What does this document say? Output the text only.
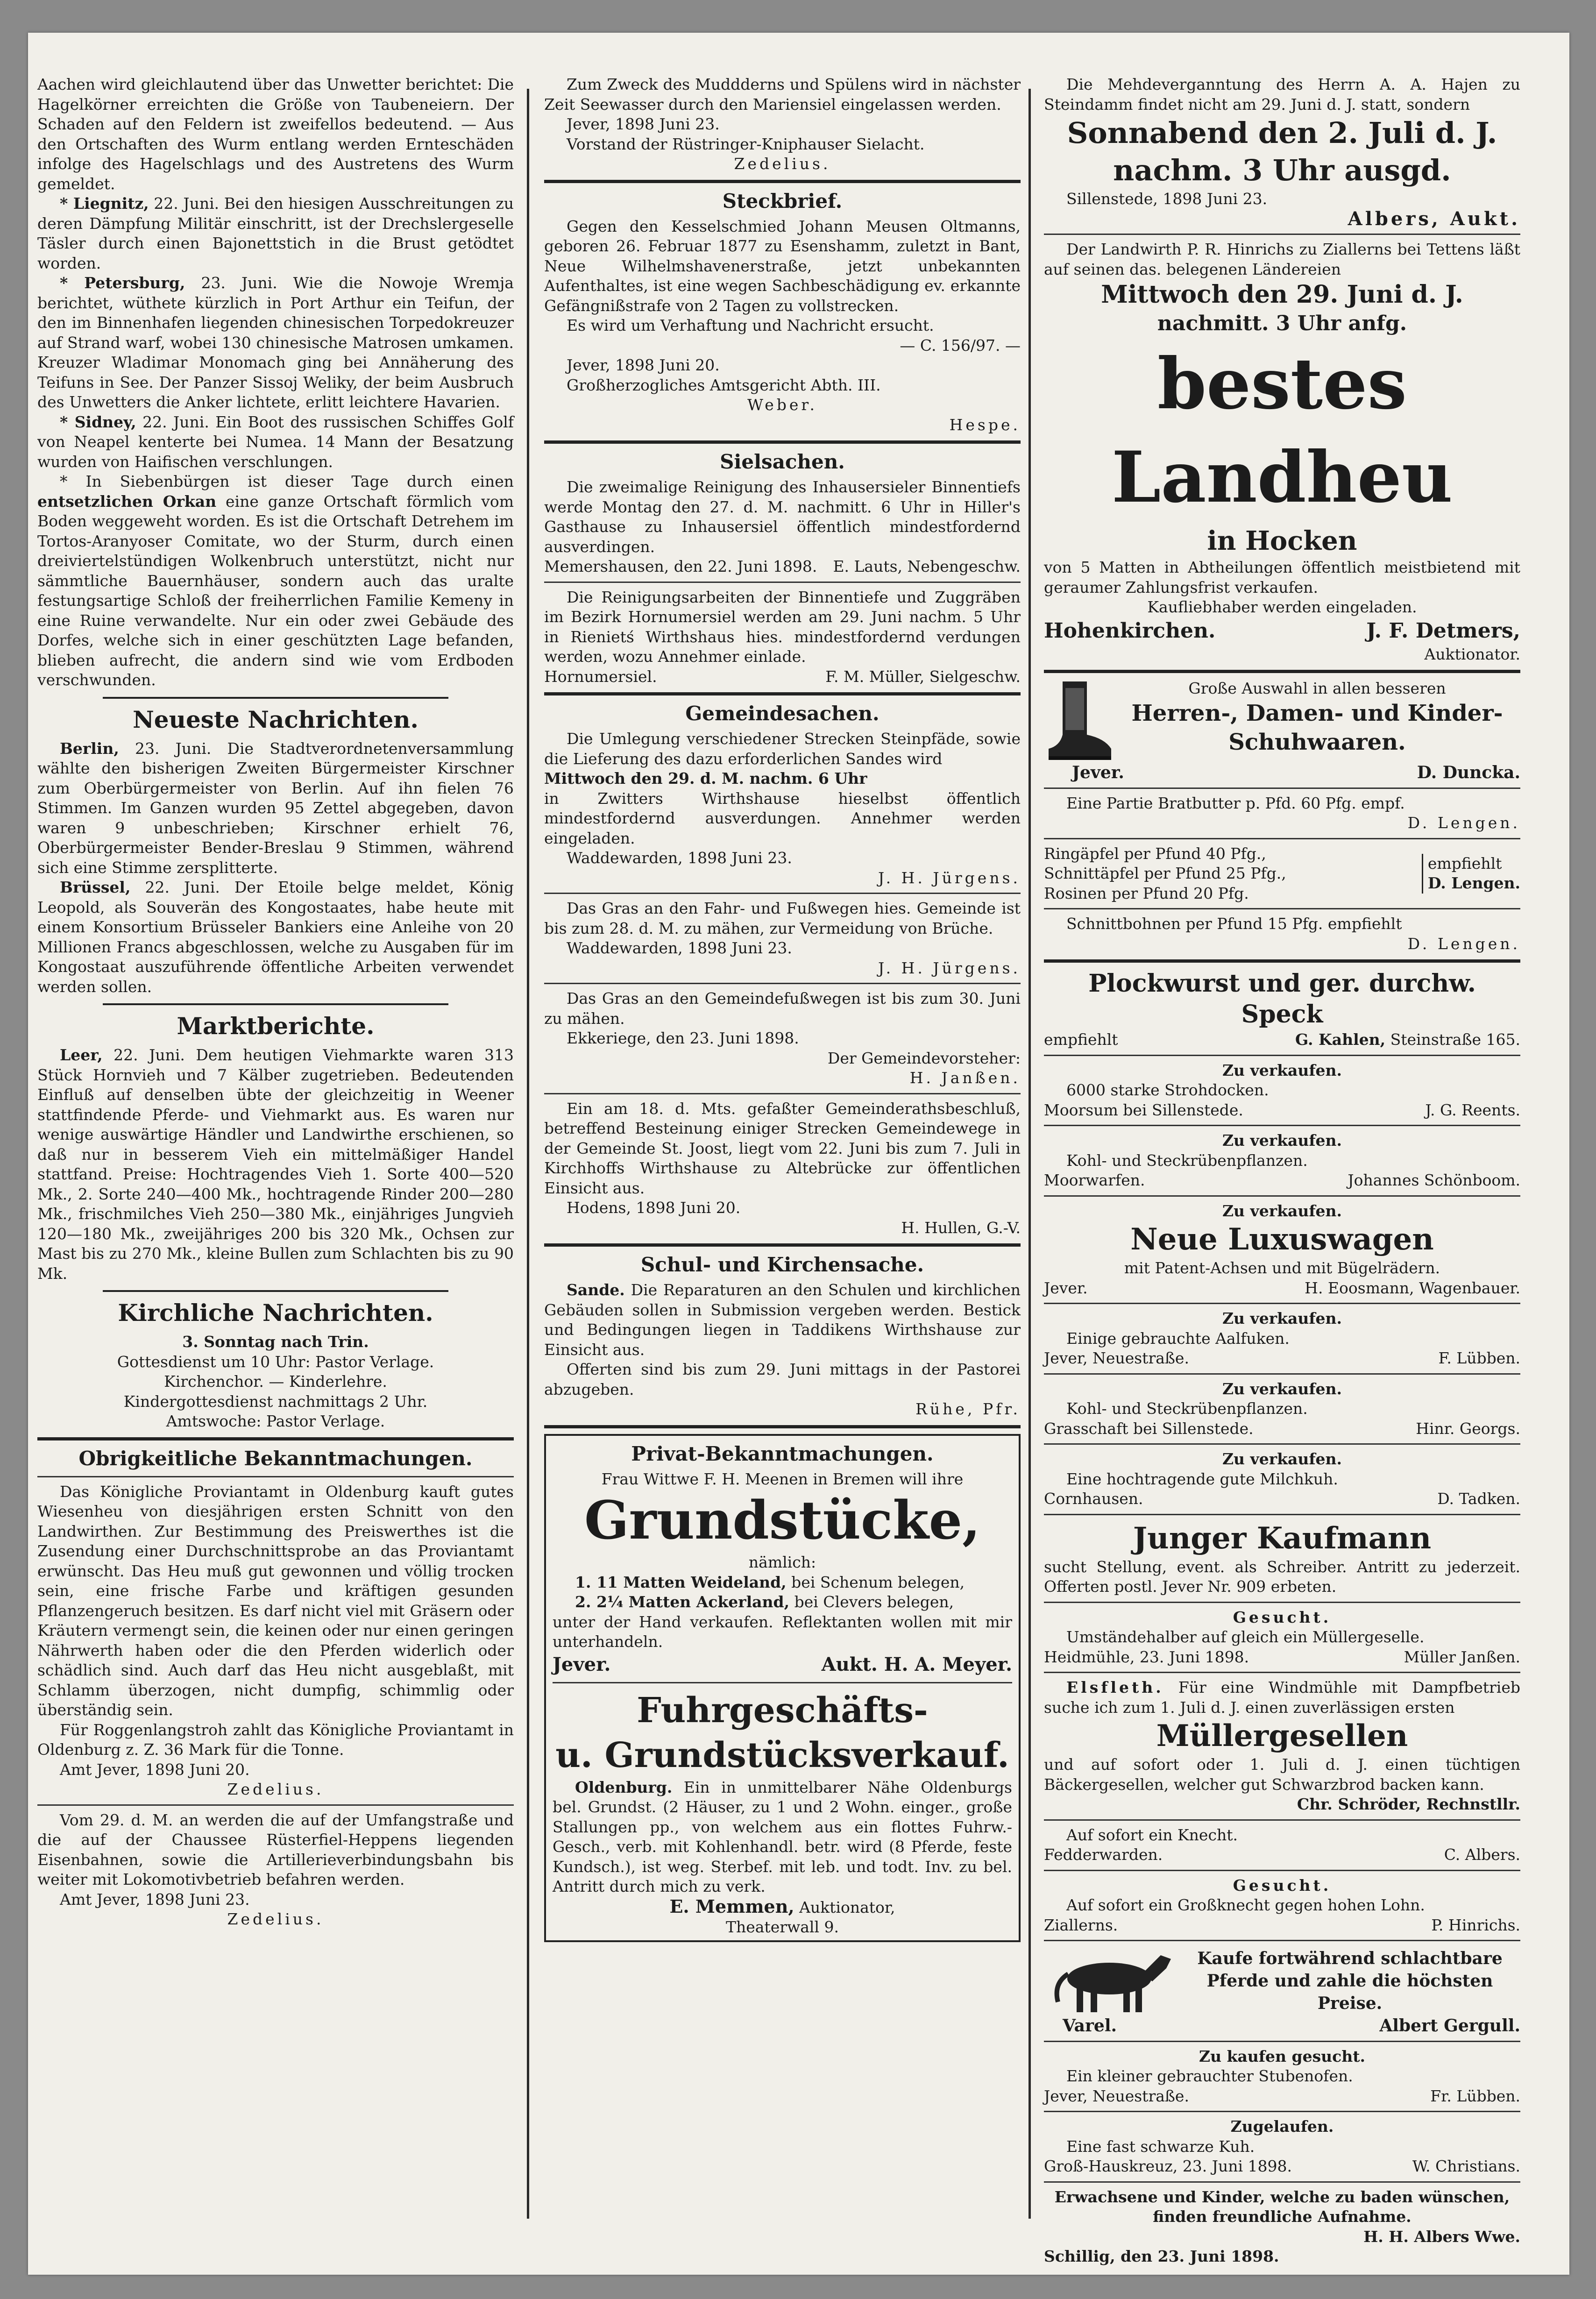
Aachen wird gleichlautend über das Unwetter berichtet: Die Hagelkörner erreichten die Größe von Taubeneiern. Der Schaden auf den Feldern ist zweifellos bedeutend. — Aus den Ortschaften des Wurm entlang werden Ernteschäden infolge des Hagelschlags und des Austretens des Wurm gemeldet.

* Liegnitz, 22. Juni. Bei den hiesigen Ausschreitungen zu deren Dämpfung Militär einschritt, ist der Drechslergeselle Täsler durch einen Bajonettstich in die Brust getödtet worden.

* Petersburg, 23. Juni. Wie die Nowoje Wremja berichtet, wüthete kürzlich in Port Arthur ein Teifun, der den im Binnenhafen liegenden chinesischen Torpedokreuzer auf Strand warf, wobei 130 chinesische Matrosen umkamen. Kreuzer Wladimar Monomach ging bei Annäherung des Teifuns in See. Der Panzer Sissoj Weliky, der beim Ausbruch des Unwetters die Anker lichtete, erlitt leichtere Havarien.

* Sidney, 22. Juni. Ein Boot des russischen Schiffes Golf von Neapel kenterte bei Numea. 14 Mann der Besatzung wurden von Haifischen verschlungen.

* In Siebenbürgen ist dieser Tage durch einen entsetzlichen Orkan eine ganze Ortschaft förmlich vom Boden weggeweht worden. Es ist die Ortschaft Detrehem im Tortos-Aranyoser Comitate, wo der Sturm, durch einen dreiviertelstündigen Wolkenbruch unterstützt, nicht nur sämmtliche Bauernhäuser, sondern auch das uralte festungsartige Schloß der freiherrlichen Familie Kemeny in eine Ruine verwandelte. Nur ein oder zwei Gebäude des Dorfes, welche sich in einer geschützten Lage befanden, blieben aufrecht, die andern sind wie vom Erdboden verschwunden.

Neueste Nachrichten.

Berlin, 23. Juni. Die Stadtverordnetenversammlung wählte den bisherigen Zweiten Bürgermeister Kirschner zum Oberbürgermeister von Berlin. Auf ihn fielen 76 Stimmen. Im Ganzen wurden 95 Zettel abgegeben, davon waren 9 unbeschrieben; Kirschner erhielt 76, Oberbürgermeister Bender-Breslau 9 Stimmen, während sich eine Stimme zersplitterte.

Brüssel, 22. Juni. Der Etoile belge meldet, König Leopold, als Souverän des Kongostaates, habe heute mit einem Konsortium Brüsseler Bankiers eine Anleihe von 20 Millionen Francs abgeschlossen, welche zu Ausgaben für im Kongostaat auszuführende öffentliche Arbeiten verwendet werden sollen.

Marktberichte.

Leer, 22. Juni. Dem heutigen Viehmarkte waren 313 Stück Hornvieh und 7 Kälber zugetrieben. Bedeutenden Einfluß auf denselben übte der gleichzeitig in Weener stattfindende Pferde- und Viehmarkt aus. Es waren nur wenige auswärtige Händler und Landwirthe erschienen, so daß nur in besserem Vieh ein mittelmäßiger Handel stattfand. Preise: Hochtragendes Vieh 1. Sorte 400—520 Mk., 2. Sorte 240—400 Mk., hochtragende Rinder 200—280 Mk., frischmilches Vieh 250—380 Mk., einjähriges Jungvieh 120—180 Mk., zweijähriges 200 bis 320 Mk., Ochsen zur Mast bis zu 270 Mk., kleine Bullen zum Schlachten bis zu 90 Mk.

Kirchliche Nachrichten.

3. Sonntag nach Trin.

Gottesdienst um 10 Uhr: Pastor Verlage.

Kirchenchor. — Kinderlehre.

Kindergottesdienst nachmittags 2 Uhr.

Amtswoche: Pastor Verlage.

Obrigkeitliche Bekanntmachungen.

Das Königliche Proviantamt in Oldenburg kauft gutes Wiesenheu von diesjährigen ersten Schnitt von den Landwirthen. Zur Bestimmung des Preiswerthes ist die Zusendung einer Durchschnittsprobe an das Proviantamt erwünscht. Das Heu muß gut gewonnen und völlig trocken sein, eine frische Farbe und kräftigen gesunden Pflanzengeruch besitzen. Es darf nicht viel mit Gräsern oder Kräutern vermengt sein, die keinen oder nur einen geringen Nährwerth haben oder die den Pferden widerlich oder schädlich sind. Auch darf das Heu nicht ausgeblaßt, mit Schlamm überzogen, nicht dumpfig, schimmlig oder überständig sein.

Für Roggenlangstroh zahlt das Königliche Proviantamt in Oldenburg z. Z. 36 Mark für die Tonne.

Amt Jever, 1898 Juni 20.

Zedelius.

Vom 29. d. M. an werden die auf der Umfangstraße und die auf der Chaussee Rüsterfiel-Heppens liegenden Eisenbahnen, sowie die Artillerieverbindungsbahn bis weiter mit Lokomotivbetrieb befahren werden.

Amt Jever, 1898 Juni 23.

Zedelius.

Zum Zweck des Muddderns und Spülens wird in nächster Zeit Seewasser durch den Mariensiel eingelassen werden.

Jever, 1898 Juni 23.

Vorstand der Rüstringer-Kniphauser Sielacht.

Zedelius.

Steckbrief.

Gegen den Kesselschmied Johann Meusen Oltmanns, geboren 26. Februar 1877 zu Esenshamm, zuletzt in Bant, Neue Wilhelmshavenerstraße, jetzt unbekannten Aufenthaltes, ist eine wegen Sachbeschädigung ev. erkannte Gefängnißstrafe von 2 Tagen zu vollstrecken.

Es wird um Verhaftung und Nachricht ersucht.

— C. 156/97. —

Jever, 1898 Juni 20.

Großherzogliches Amtsgericht Abth. III.

Weber.

Hespe.

Sielsachen.

Die zweimalige Reinigung des Inhausersieler Binnentiefs werde Montag den 27. d. M. nachmitt. 6 Uhr in Hiller's Gasthause zu Inhausersiel öffentlich mindestfordernd ausverdingen.

Memershausen, den 22. Juni 1898. E. Lauts, Nebengeschw.

Die Reinigungsarbeiten der Binnentiefe und Zuggräben im Bezirk Hornumersiel werden am 29. Juni nachm. 5 Uhr in Rienietś Wirthshaus hies. mindestfordernd verdungen werden, wozu Annehmer einlade.

Hornumersiel.	F. M. Müller, Sielgeschw.
Gemeindesachen.

Die Umlegung verschiedener Strecken Steinpfäde, sowie die Lieferung des dazu erforderlichen Sandes wird

Mittwoch den 29. d. M. nachm. 6 Uhr

in Zwitters Wirthshause hieselbst öffentlich mindestfordernd ausverdungen. Annehmer werden eingeladen.

Waddewarden, 1898 Juni 23.

J. H. Jürgens.

Das Gras an den Fahr- und Fußwegen hies. Gemeinde ist bis zum 28. d. M. zu mähen, zur Vermeidung von Brüche.

Waddewarden, 1898 Juni 23.

J. H. Jürgens.

Das Gras an den Gemeindefußwegen ist bis zum 30. Juni zu mähen.

Ekkeriege, den 23. Juni 1898.

Der Gemeindevorsteher:

H. Janßen.

Ein am 18. d. Mts. gefaßter Gemeinderathsbeschluß, betreffend Besteinung einiger Strecken Gemeindewege in der Gemeinde St. Joost, liegt vom 22. Juni bis zum 7. Juli in Kirchhoffs Wirthshause zu Altebrücke zur öffentlichen Einsicht aus.

Hodens, 1898 Juni 20.

H. Hullen, G.-V.

Schul- und Kirchensache.

Sande. Die Reparaturen an den Schulen und kirchlichen Gebäuden sollen in Submission vergeben werden. Bestick und Bedingungen liegen in Taddikens Wirthshause zur Einsicht aus.

Offerten sind bis zum 29. Juni mittags in der Pastorei abzugeben.

Rühe, Pfr.

Privat-Bekanntmachungen.

Frau Wittwe F. H. Meenen in Bremen will ihre

Grundstücke,

nämlich:

1. 11 Matten Weideland, bei Schenum belegen,

2. 2¼ Matten Ackerland, bei Clevers belegen,

unter der Hand verkaufen. Reflektanten wollen mit mir unterhandeln.

Jever.	Aukt. H. A. Meyer.
Fuhrgeschäfts-
u. Grundstücksverkauf.

Oldenburg. Ein in unmittelbarer Nähe Oldenburgs bel. Grundst. (2 Häuser, zu 1 und 2 Wohn. einger., große Stallungen pp., von welchem aus ein flottes Fuhrw.-Gesch., verb. mit Kohlenhandl. betr. wird (8 Pferde, feste Kundsch.), ist weg. Sterbef. mit leb. und todt. Inv. zu bel. Antritt durch mich zu verk.

E. Memmen, Auktionator,

Theaterwall 9.

Die Mehdeverganntung des Herrn A. A. Hajen zu Steindamm findet nicht am 29. Juni d. J. statt, sondern

Sonnabend den 2. Juli d. J.
nachm. 3 Uhr ausgd.

Sillenstede, 1898 Juni 23.

Albers, Aukt.

Der Landwirth P. R. Hinrichs zu Ziallerns bei Tettens läßt auf seinen das. belegenen Ländereien

Mittwoch den 29. Juni d. J.
nachmitt. 3 Uhr anfg.
bestes Landheu
in Hocken

von 5 Matten in Abtheilungen öffentlich meistbietend mit geraumer Zahlungsfrist verkaufen.

Kaufliebhaber werden eingeladen.

Hohenkirchen.	J. F. Detmers,

Auktionator.

Große Auswahl in allen besseren

Herren-, Damen- und Kinder-
Schuhwaaren.
Jever.	D. Duncka.

Eine Partie Bratbutter p. Pfd. 60 Pfg. empf.

D. Lengen.

Ringäpfel per Pfund 40 Pfg.,

Schnittäpfel per Pfund 25 Pfg.,

Rosinen per Pfund 20 Pfg.

empfiehlt

D. Lengen.

Schnittbohnen per Pfund 15 Pfg. empfiehlt

D. Lengen.

Plockwurst und ger. durchw. Speck
empfiehlt	G. Kahlen, Steinstraße 165.

Zu verkaufen.

6000 starke Strohdocken.

Moorsum bei Sillenstede.	J. G. Reents.

Zu verkaufen.

Kohl- und Steckrübenpflanzen.

Moorwarfen.	Johannes Schönboom.

Zu verkaufen.

Neue Luxuswagen

mit Patent-Achsen und mit Bügelrädern.

Jever.	H. Eoosmann, Wagenbauer.

Zu verkaufen.

Einige gebrauchte Aalfuken.

Jever, Neuestraße.	F. Lübben.

Zu verkaufen.

Kohl- und Steckrübenpflanzen.

Grasschaft bei Sillenstede.	Hinr. Georgs.

Zu verkaufen.

Eine hochtragende gute Milchkuh.

Cornhausen.	D. Tadken.
Junger Kaufmann

sucht Stellung, event. als Schreiber. Antritt zu jederzeit. Offerten postl. Jever Nr. 909 erbeten.

Gesucht.

Umständehalber auf gleich ein Müllergeselle.

Heidmühle, 23. Juni 1898.	Müller Janßen.

Elsfleth. Für eine Windmühle mit Dampfbetrieb suche ich zum 1. Juli d. J. einen zuverlässigen ersten

Müllergesellen

und auf sofort oder 1. Juli d. J. einen tüchtigen Bäckergesellen, welcher gut Schwarzbrod backen kann.

Chr. Schröder, Rechnstllr.

Auf sofort ein Knecht.

Fedderwarden.	C. Albers.

Gesucht.

Auf sofort ein Großknecht gegen hohen Lohn.

Ziallerns.	P. Hinrichs.

Kaufe fortwährend schlachtbare Pferde und zahle die höchsten Preise.

Varel.	Albert Gergull.

Zu kaufen gesucht.

Ein kleiner gebrauchter Stubenofen.

Jever, Neuestraße.	Fr. Lübben.

Zugelaufen.

Eine fast schwarze Kuh.

Groß-Hauskreuz, 23. Juni 1898.	W. Christians.

Erwachsene und Kinder, welche zu baden wünschen, finden freundliche Aufnahme.

H. H. Albers Wwe.

Schillig, den 23. Juni 1898.
